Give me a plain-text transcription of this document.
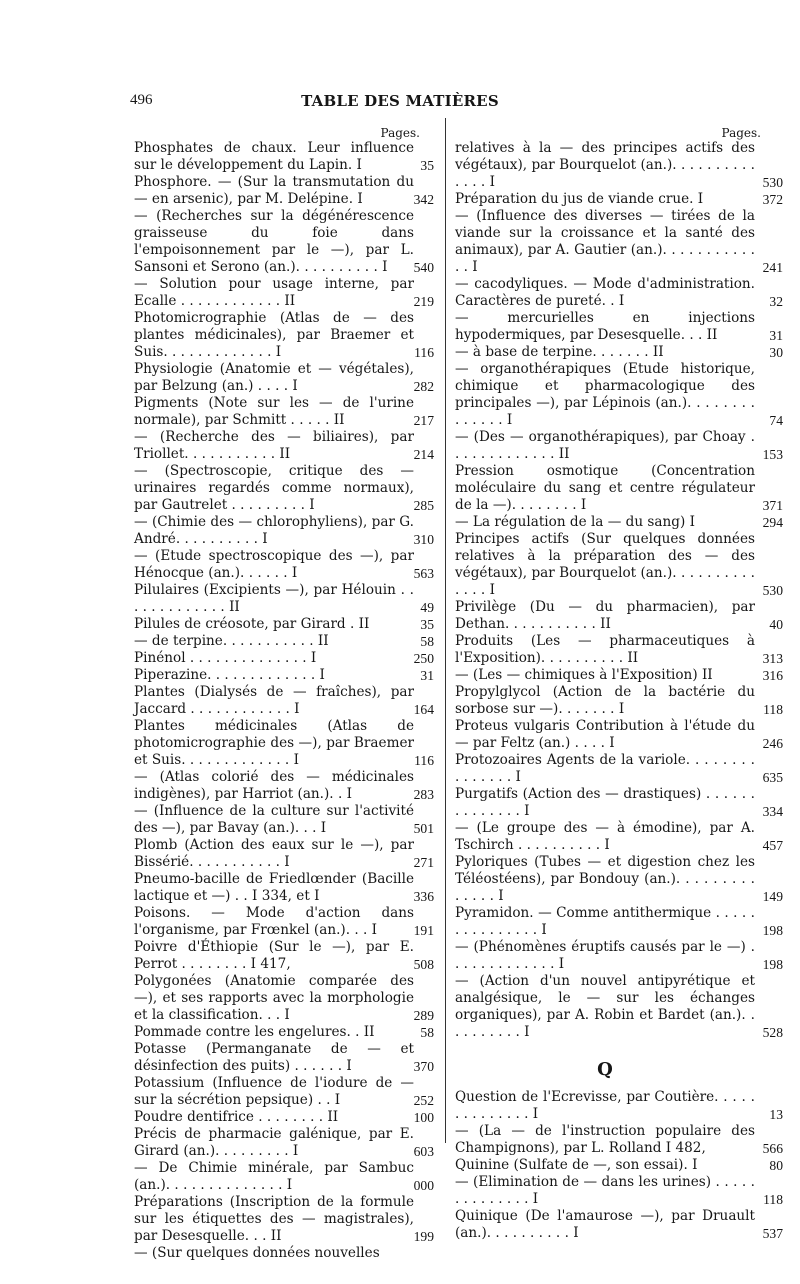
496	TABLE DES MATIÈRES
Pages.
Phosphates de chaux. Leur influence sur le développement du Lapin. I	35
Phosphore. — (Sur la transmutation du — en arsenic), par M. Delépine. I	342
— (Recherches sur la dégénérescence graisseuse du foie dans l'empoisonnement par le —), par L. Sansoni et Serono (an.). . . . . . . . . . I	540
— Solution pour usage interne, par Ecalle . . . . . . . . . . . . II	219
Photomicrographie (Atlas de — des plantes médicinales), par Braemer et Suis. . . . . . . . . . . . . I	116
Physiologie (Anatomie et — végétales), par Belzung (an.) . . . . I	282
Pigments (Note sur les — de l'urine normale), par Schmitt . . . . . II	217
— (Recherche des — biliaires), par Triollet. . . . . . . . . . . II	214
— (Spectroscopie, critique des — urinaires regardés comme normaux), par Gautrelet . . . . . . . . . I	285
— (Chimie des — chlorophyliens), par G. André. . . . . . . . . . I	310
— (Etude spectroscopique des —), par Hénocque (an.). . . . . . I	563
Pilulaires (Excipients —), par Hélouin . . . . . . . . . . . . . II	49
Pilules de créosote, par Girard . II	35
— de terpine. . . . . . . . . . . II	58
Pinénol . . . . . . . . . . . . . . I	250
Piperazine. . . . . . . . . . . . . I	31
Plantes (Dialysés de — fraîches), par Jaccard . . . . . . . . . . . . I	164
Plantes médicinales (Atlas de photomicrographie des —), par Braemer et Suis. . . . . . . . . . . . . I	116
— (Atlas colorié des — médicinales indigènes), par Harriot (an.). . I	283
— (Influence de la culture sur l'activité des —), par Bavay (an.). . . I	501
Plomb (Action des eaux sur le —), par Bissérié. . . . . . . . . . . I	271
Pneumo-bacille de Friedlœnder (Bacille lactique et —) . . I 334, et I	336
Poisons. — Mode d'action dans l'organisme, par Frœnkel (an.). . . I	191
Poivre d'Éthiopie (Sur le —), par E. Perrot . . . . . . . . I 417,	508
Polygonées (Anatomie comparée des —), et ses rapports avec la morphologie et la classification. . . I	289
Pommade contre les engelures. . II	58
Potasse (Permanganate de — et désinfection des puits) . . . . . . I	370
Potassium (Influence de l'iodure de — sur la sécrétion pepsique) . . I	252
Poudre dentifrice . . . . . . . . II	100
Précis de pharmacie galénique, par E. Girard (an.). . . . . . . . . I	603
— De Chimie minérale, par Sambuc (an.). . . . . . . . . . . . . . I	000
Préparations (Inscription de la formule sur les étiquettes des — magistrales), par Desesquelle. . . II	199
— (Sur quelques données nouvelles
Pages.
relatives à la — des principes actifs des végétaux), par Bourquelot (an.). . . . . . . . . . . . . . I	530
Préparation du jus de viande crue. I	372
— (Influence des diverses — tirées de la viande sur la croissance et la santé des animaux), par A. Gautier (an.). . . . . . . . . . . . . I	241
— cacodyliques. — Mode d'administration. Caractères de pureté. . I	32
— mercurielles en injections hypodermiques, par Desesquelle. . . II	31
— à base de terpine. . . . . . . II	30
— organothérapiques (Etude historique, chimique et pharmacologique des principales —), par Lépinois (an.). . . . . . . . . . . . . . I	74
— (Des — organothérapiques), par Choay . . . . . . . . . . . . . II	153
Pression osmotique (Concentration moléculaire du sang et centre régulateur de la —). . . . . . . . I	371
— La régulation de la — du sang) I	294
Principes actifs (Sur quelques données relatives à la préparation des — des végétaux), par Bourquelot (an.). . . . . . . . . . . . . . I	530
Privilège (Du — du pharmacien), par Dethan. . . . . . . . . . . II	40
Produits (Les — pharmaceutiques à l'Exposition). . . . . . . . . . II	313
— (Les — chimiques à l'Exposition) II	316
Propylglycol (Action de la bactérie du sorbose sur —). . . . . . . I	118
Proteus vulgaris Contribution à l'étude du — par Feltz (an.) . . . . I	246
Protozoaires Agents de la variole. . . . . . . . . . . . . . . I	635
Purgatifs (Action des — drastiques) . . . . . . . . . . . . . . I	334
— (Le groupe des — à émodine), par A. Tschirch . . . . . . . . . . I	457
Pyloriques (Tubes — et digestion chez les Téléostéens), par Bondouy (an.). . . . . . . . . . . . . . I	149
Pyramidon. — Comme antithermique . . . . . . . . . . . . . . . I	198
— (Phénomènes éruptifs causés par le —) . . . . . . . . . . . . . I	198
— (Action d'un nouvel antipyrétique et analgésique, le — sur les échanges organiques), par A. Robin et Bardet (an.). . . . . . . . . . I	528
Q
Question de l'Ecrevisse, par Coutière. . . . . . . . . . . . . . I	13
— (La — de l'instruction populaire des Champignons), par L. Rolland I 482,	566
Quinine (Sulfate de —, son essai). I	80
— (Elimination de — dans les urines) . . . . . . . . . . . . . . I	118
Quinique (De l'amaurose —), par Druault (an.). . . . . . . . . . I	537
